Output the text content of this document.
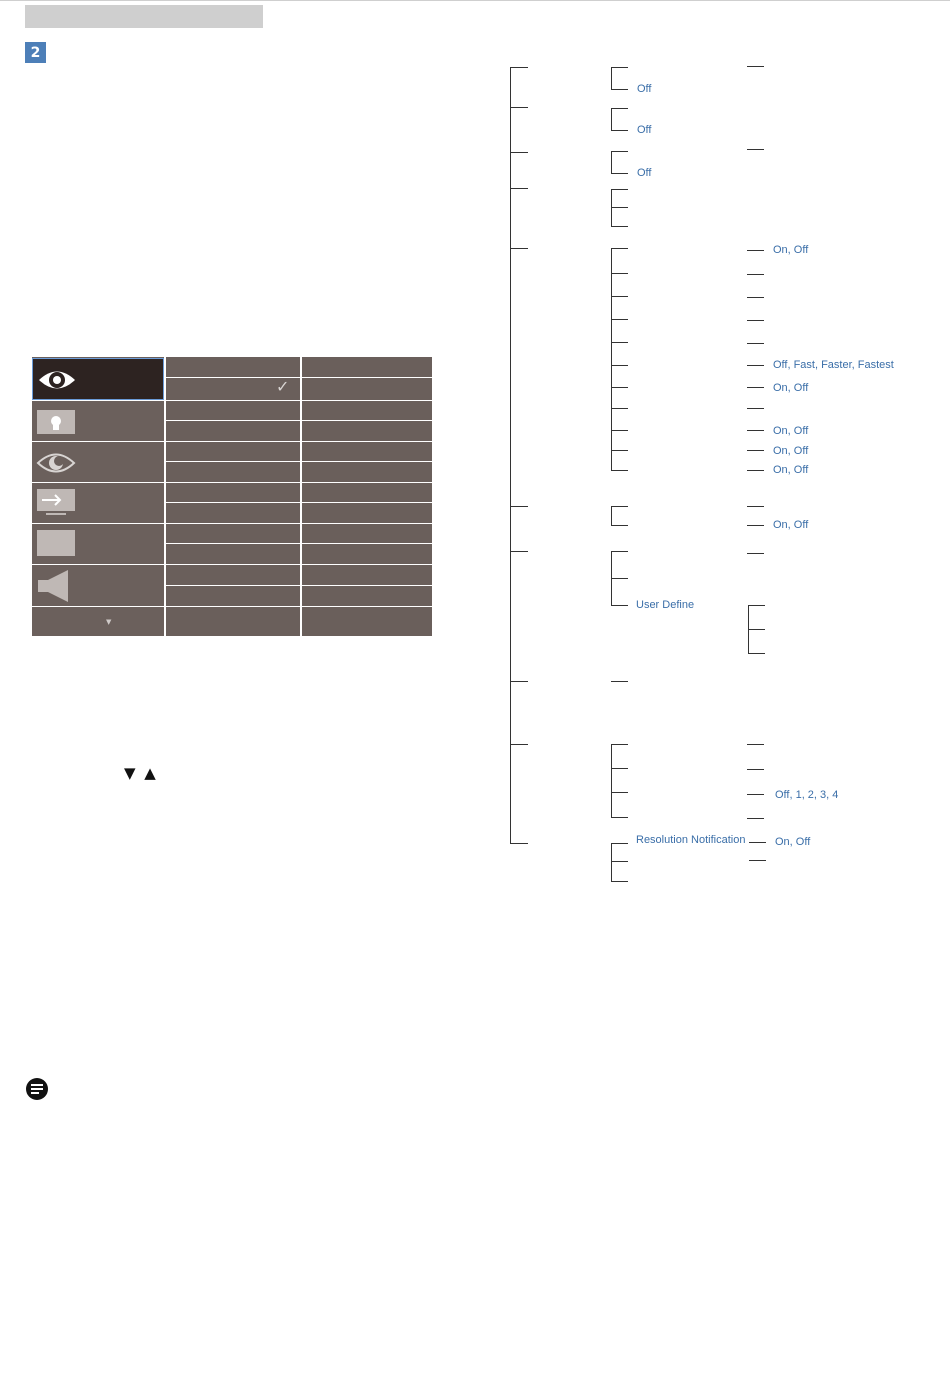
2
▼
✓
▼ ▲
Off
Off
Off
On, Off
Off, Fast, Faster, Fastest
On, Off
On, Off
On, Off
On, Off
On, Off
User Define
Off, 1, 2, 3, 4
Resolution Notification	On, Off
